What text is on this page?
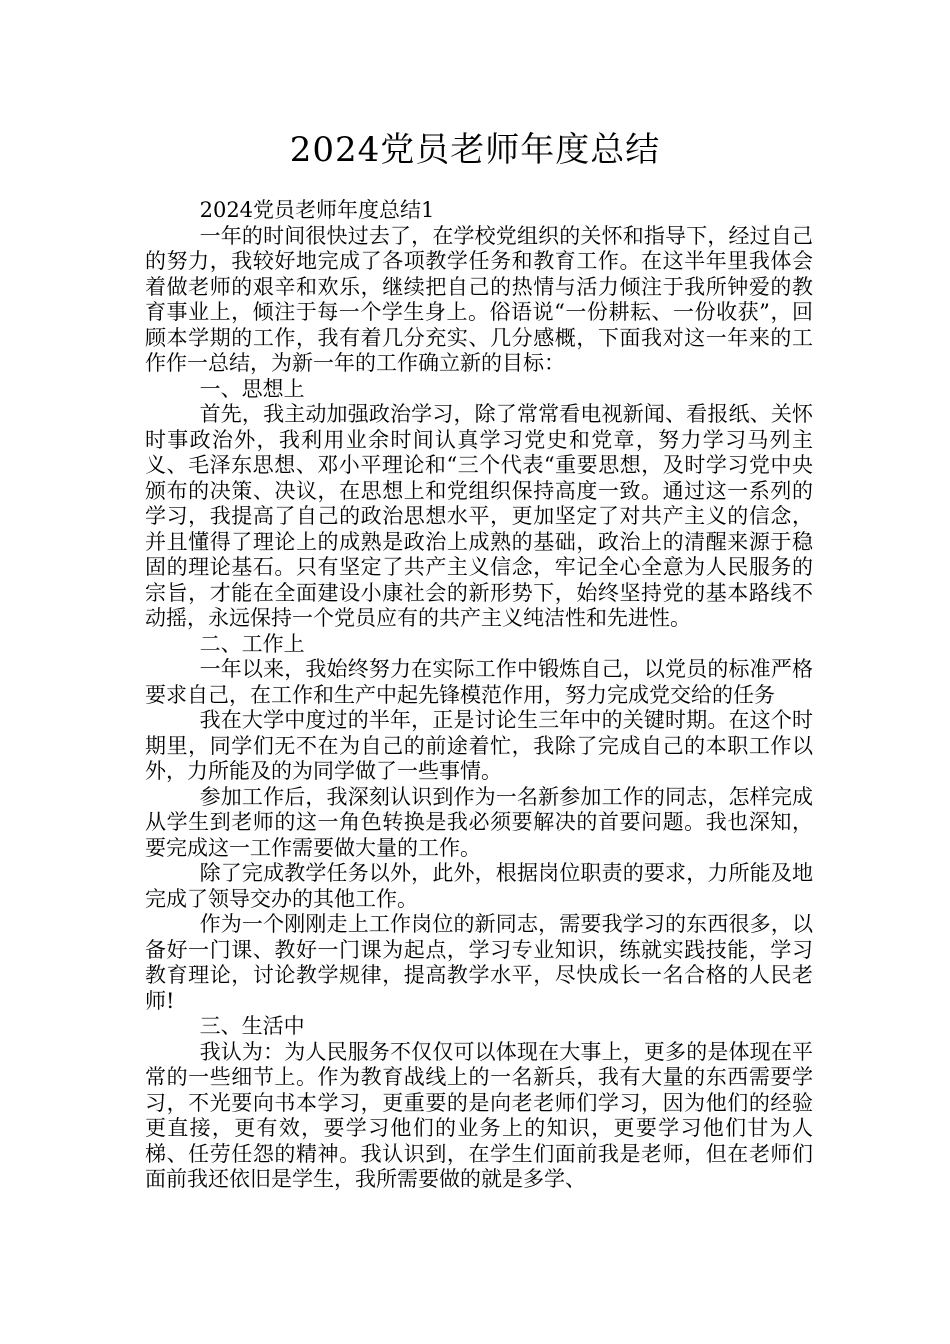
2024党员老师年度总结

2024党员老师年度总结1

一年的时间很快过去了，在学校党组织的关怀和指导下，经过自己的努力，我较好地完成了各项教学任务和教育工作。在这半年里我体会着做老师的艰辛和欢乐，继续把自己的热情与活力倾注于我所钟爱的教育事业上，倾注于每一个学生身上。俗语说“一份耕耘、一份收获”，回顾本学期的工作，我有着几分充实、几分感概，下面我对这一年来的工作作一总结，为新一年的工作确立新的目标：

一、思想上

首先，我主动加强政治学习，除了常常看电视新闻、看报纸、关怀时事政治外，我利用业余时间认真学习党史和党章，努力学习马列主义、毛泽东思想、邓小平理论和“三个代表“重要思想，及时学习党中央颁布的决策、决议，在思想上和党组织保持高度一致。通过这一系列的学习，我提高了自己的政治思想水平，更加坚定了对共产主义的信念，并且懂得了理论上的成熟是政治上成熟的基础，政治上的清醒来源于稳固的理论基石。只有坚定了共产主义信念，牢记全心全意为人民服务的宗旨，才能在全面建设小康社会的新形势下，始终坚持党的基本路线不动摇，永远保持一个党员应有的共产主义纯洁性和先进性。

二、工作上

一年以来，我始终努力在实际工作中锻炼自己，以党员的标准严格要求自己，在工作和生产中起先锋模范作用，努力完成党交给的任务

我在大学中度过的半年，正是讨论生三年中的关键时期。在这个时期里，同学们无不在为自己的前途着忙，我除了完成自己的本职工作以外，力所能及的为同学做了一些事情。

参加工作后，我深刻认识到作为一名新参加工作的同志，怎样完成从学生到老师的这一角色转换是我必须要解决的首要问题。我也深知，要完成这一工作需要做大量的工作。

除了完成教学任务以外，此外，根据岗位职责的要求，力所能及地完成了领导交办的其他工作。

作为一个刚刚走上工作岗位的新同志，需要我学习的东西很多，以备好一门课、教好一门课为起点，学习专业知识，练就实践技能，学习教育理论，讨论教学规律，提高教学水平，尽快成长一名合格的人民老师!

三、生活中

我认为：为人民服务不仅仅可以体现在大事上，更多的是体现在平常的一些细节上。作为教育战线上的一名新兵，我有大量的东西需要学习，不光要向书本学习，更重要的是向老老师们学习，因为他们的经验更直接，更有效，要学习他们的业务上的知识，更要学习他们甘为人梯、任劳任怨的精神。我认识到，在学生们面前我是老师，但在老师们面前我还依旧是学生，我所需要做的就是多学、
